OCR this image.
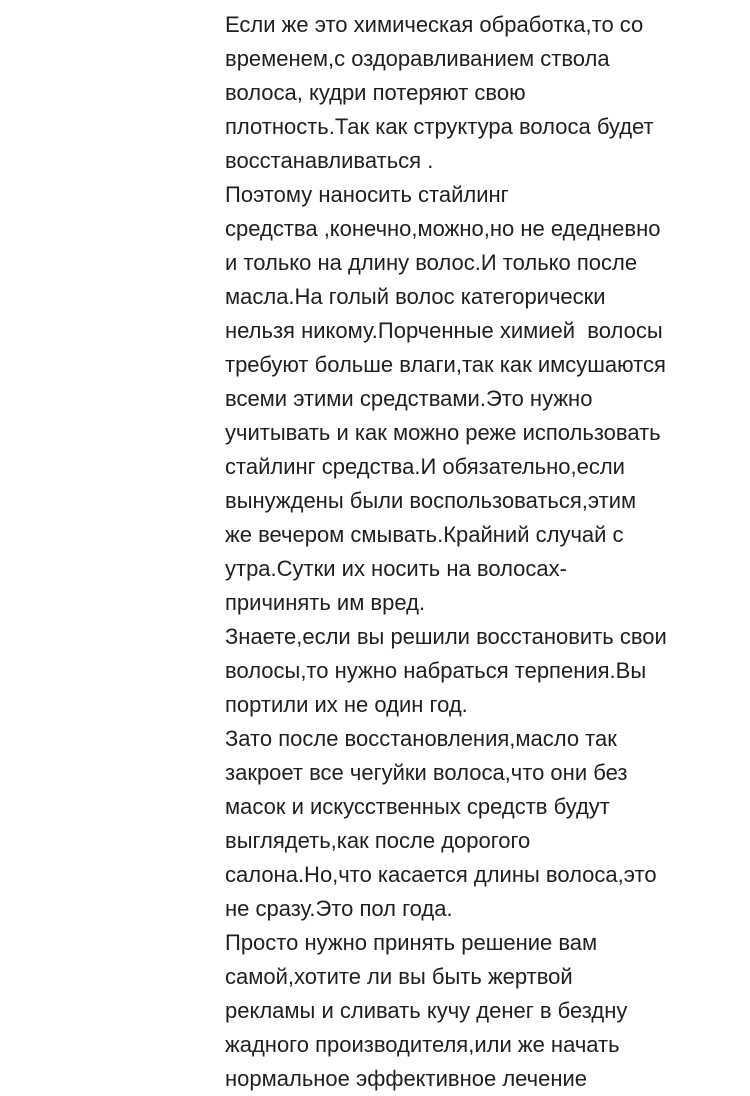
Если же это химическая обработка,то со
временем,с оздоравливанием ствола
волоса, кудри потеряют свою
плотность.Так как структура волоса будет
восстанавливаться .
Поэтому наносить стайлинг
средства ,конечно,можно,но не едедневно
и только на длину волос.И только после
масла.На голый волос категорически
нельзя никому.Порченные химией  волосы
требуют больше влаги,так как имсушаются
всеми этими средствами.Это нужно
учитывать и как можно реже использовать
стайлинг средства.И обязательно,если
вынуждены были воспользоваться,этим
же вечером смывать.Крайний случай с
утра.Сутки их носить на волосах-
причинять им вред.
Знаете,если вы решили восстановить свои
волосы,то нужно набраться терпения.Вы
портили их не один год.
Зато после восстановления,масло так
закроет все чегуйки волоса,что они без
масок и искусственных средств будут
выглядеть,как после дорогого
салона.Но,что касается длины волоса,это
не сразу.Это пол года.
Просто нужно принять решение вам
самой,хотите ли вы быть жертвой
рекламы и сливать кучу денег в бездну
жадного производителя,или же начать
нормальное эффективное лечение
